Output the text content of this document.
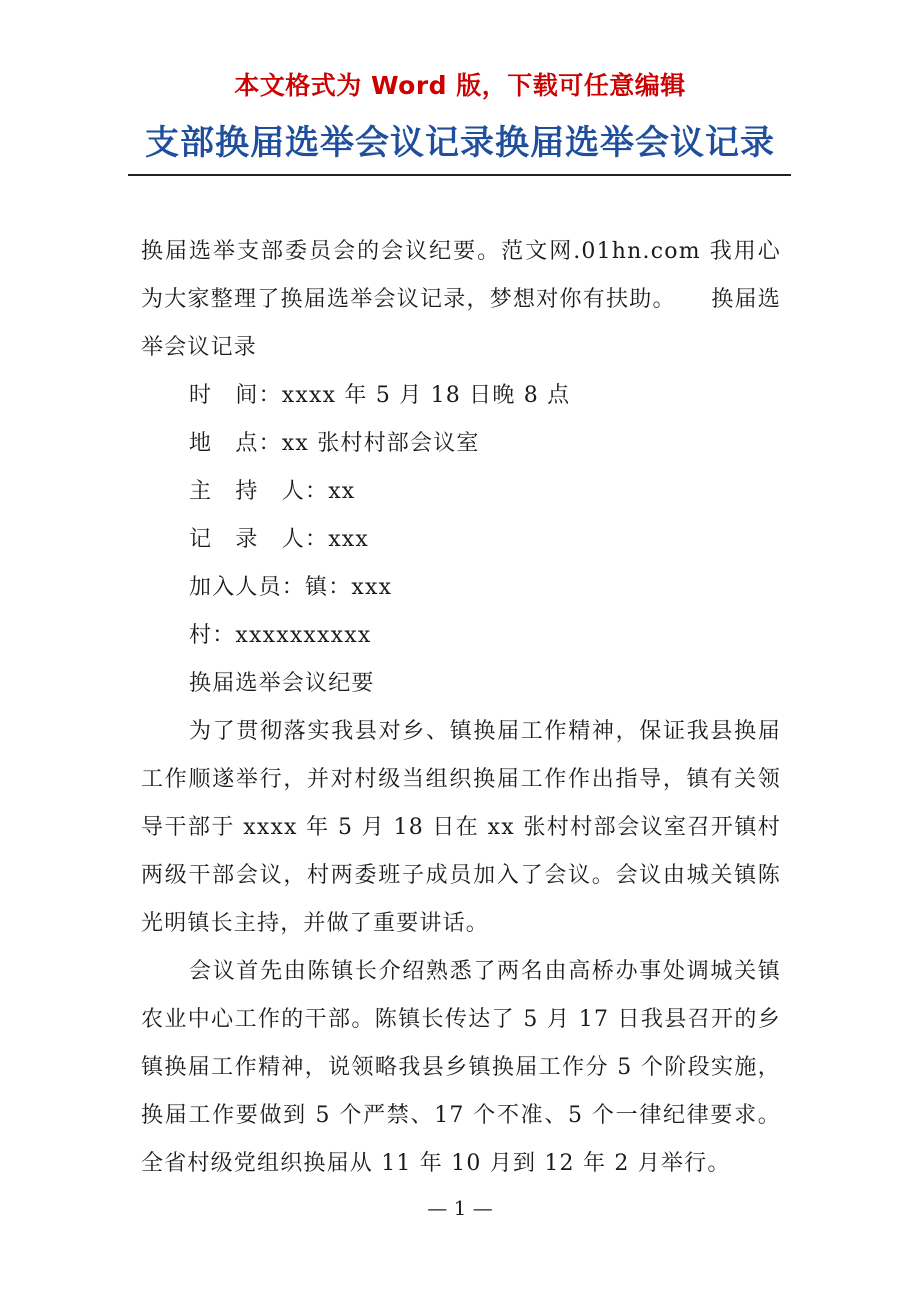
本文格式为 Word 版，下载可任意编辑
支部换届选举会议记录换届选举会议记录

换届选举支部委员会的会议纪要。范文网.01hn.com 我用心为大家整理了换届选举会议记录，梦想对你有扶助。　　换届选举会议记录

时　间：xxxx 年 5 月 18 日晚 8 点

地　点：xx 张村村部会议室

主　持　人：xx

记　录　人：xxx

加入人员：镇：xxx

村：xxxxxxxxxx

换届选举会议纪要

为了贯彻落实我县对乡、镇换届工作精神，保证我县换届工作顺遂举行，并对村级当组织换届工作作出指导，镇有关领导干部于 xxxx 年 5 月 18 日在 xx 张村村部会议室召开镇村两级干部会议，村两委班子成员加入了会议。会议由城关镇陈光明镇长主持，并做了重要讲话。

会议首先由陈镇长介绍熟悉了两名由高桥办事处调城关镇农业中心工作的干部。陈镇长传达了 5 月 17 日我县召开的乡镇换届工作精神，说领略我县乡镇换届工作分 5 个阶段实施，换届工作要做到 5 个严禁、17 个不准、5 个一律纪律要求。全省村级党组织换届从 11 年 10 月到 12 年 2 月举行。

— 1 —
